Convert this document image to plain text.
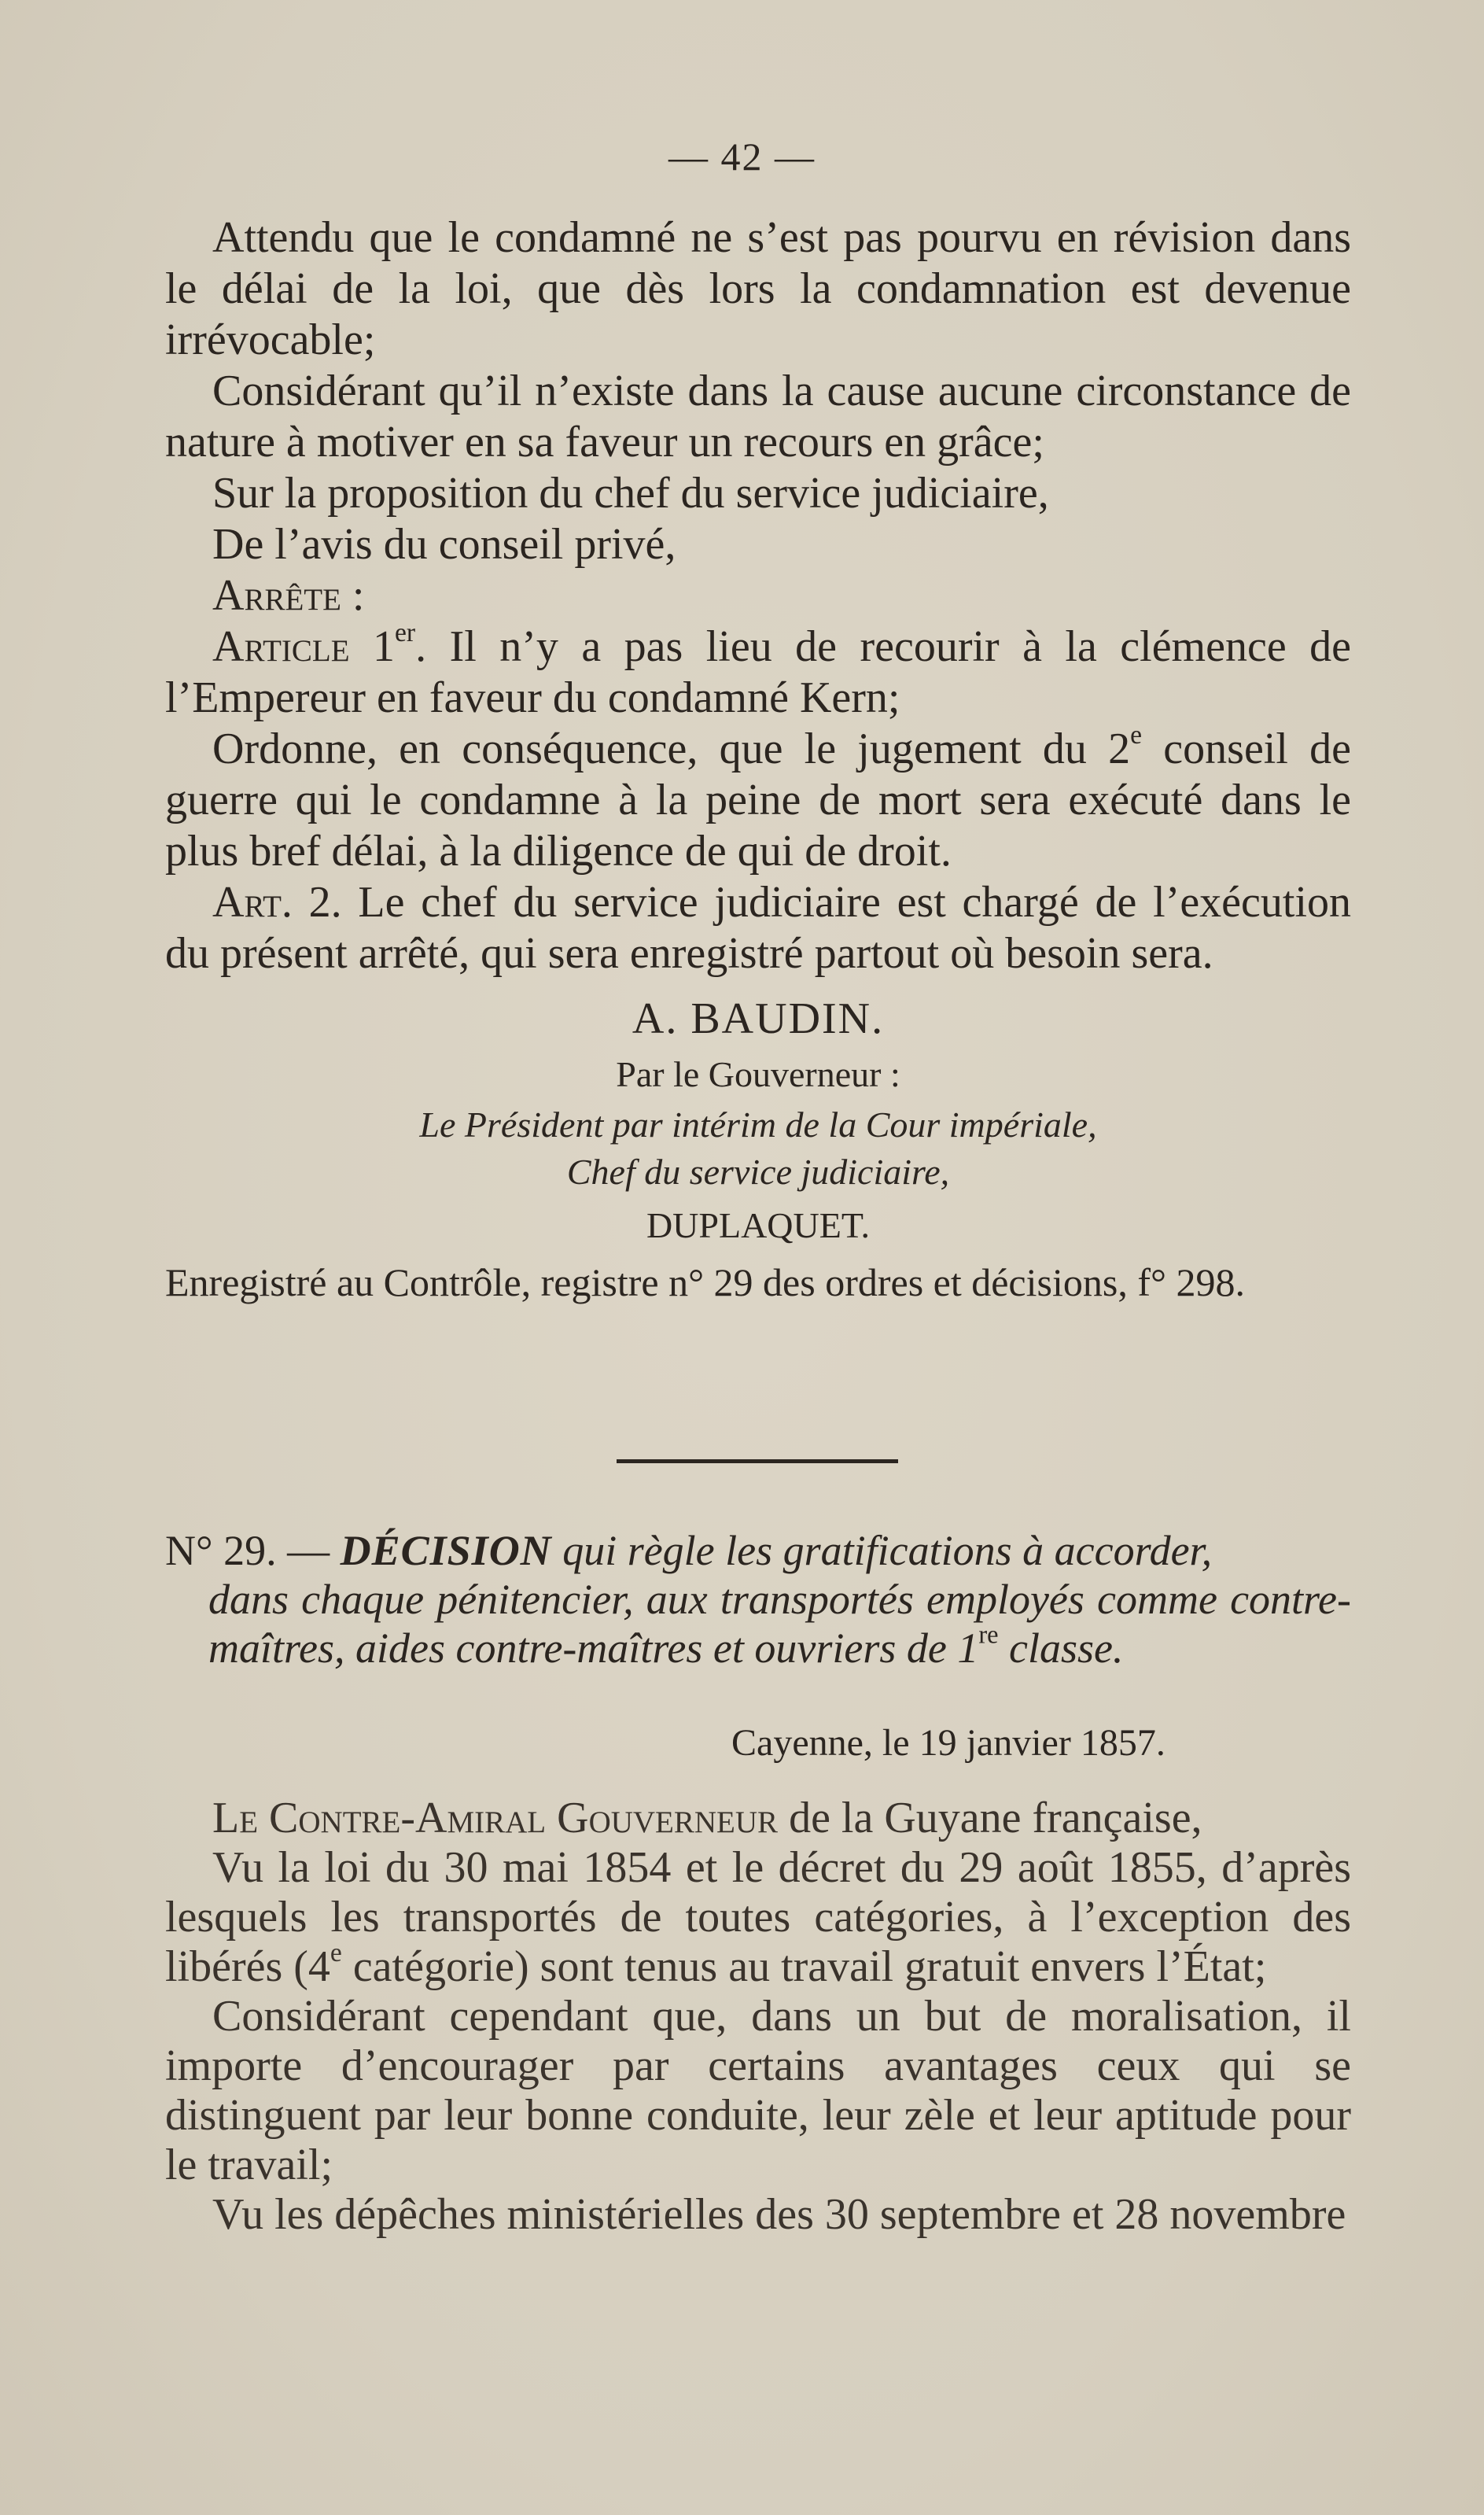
— 42 —

Attendu que le condamné ne s’est pas pourvu en révision dans le délai de la loi, que dès lors la condamnation est devenue irrévocable;

Considérant qu’il n’existe dans la cause aucune circonstance de nature à motiver en sa faveur un recours en grâce;

Sur la proposition du chef du service judiciaire,

De l’avis du conseil privé,

Arrête :

Article 1er. Il n’y a pas lieu de recourir à la clémence de l’Empereur en faveur du condamné Kern;

Ordonne, en conséquence, que le jugement du 2e conseil de guerre qui le condamne à la peine de mort sera exécuté dans le plus bref délai, à la diligence de qui de droit.

Art. 2. Le chef du service judiciaire est chargé de l’exécution du présent arrêté, qui sera enregistré partout où besoin sera.

A. BAUDIN.
Par le Gouverneur :
Le Président par intérim de la Cour impériale,
Chef du service judiciaire,
DUPLAQUET.

Enregistré au Contrôle, registre n° 29 des ordres et décisions, f° 298.

N° 29. — DÉCISION qui règle les gratifications à accorder,

dans chaque pénitencier, aux transportés employés comme contre-maîtres, aides contre-maîtres et ouvriers de 1re classe.

Cayenne, le 19 janvier 1857.

Le Contre-Amiral Gouverneur de la Guyane française,

Vu la loi du 30 mai 1854 et le décret du 29 août 1855, d’après lesquels les transportés de toutes catégories, à l’exception des libérés (4e catégorie) sont tenus au travail gratuit envers l’État;

Considérant cependant que, dans un but de moralisation, il importe d’encourager par certains avantages ceux qui se distinguent par leur bonne conduite, leur zèle et leur aptitude pour le travail;

Vu les dépêches ministérielles des 30 septembre et 28 novembre
